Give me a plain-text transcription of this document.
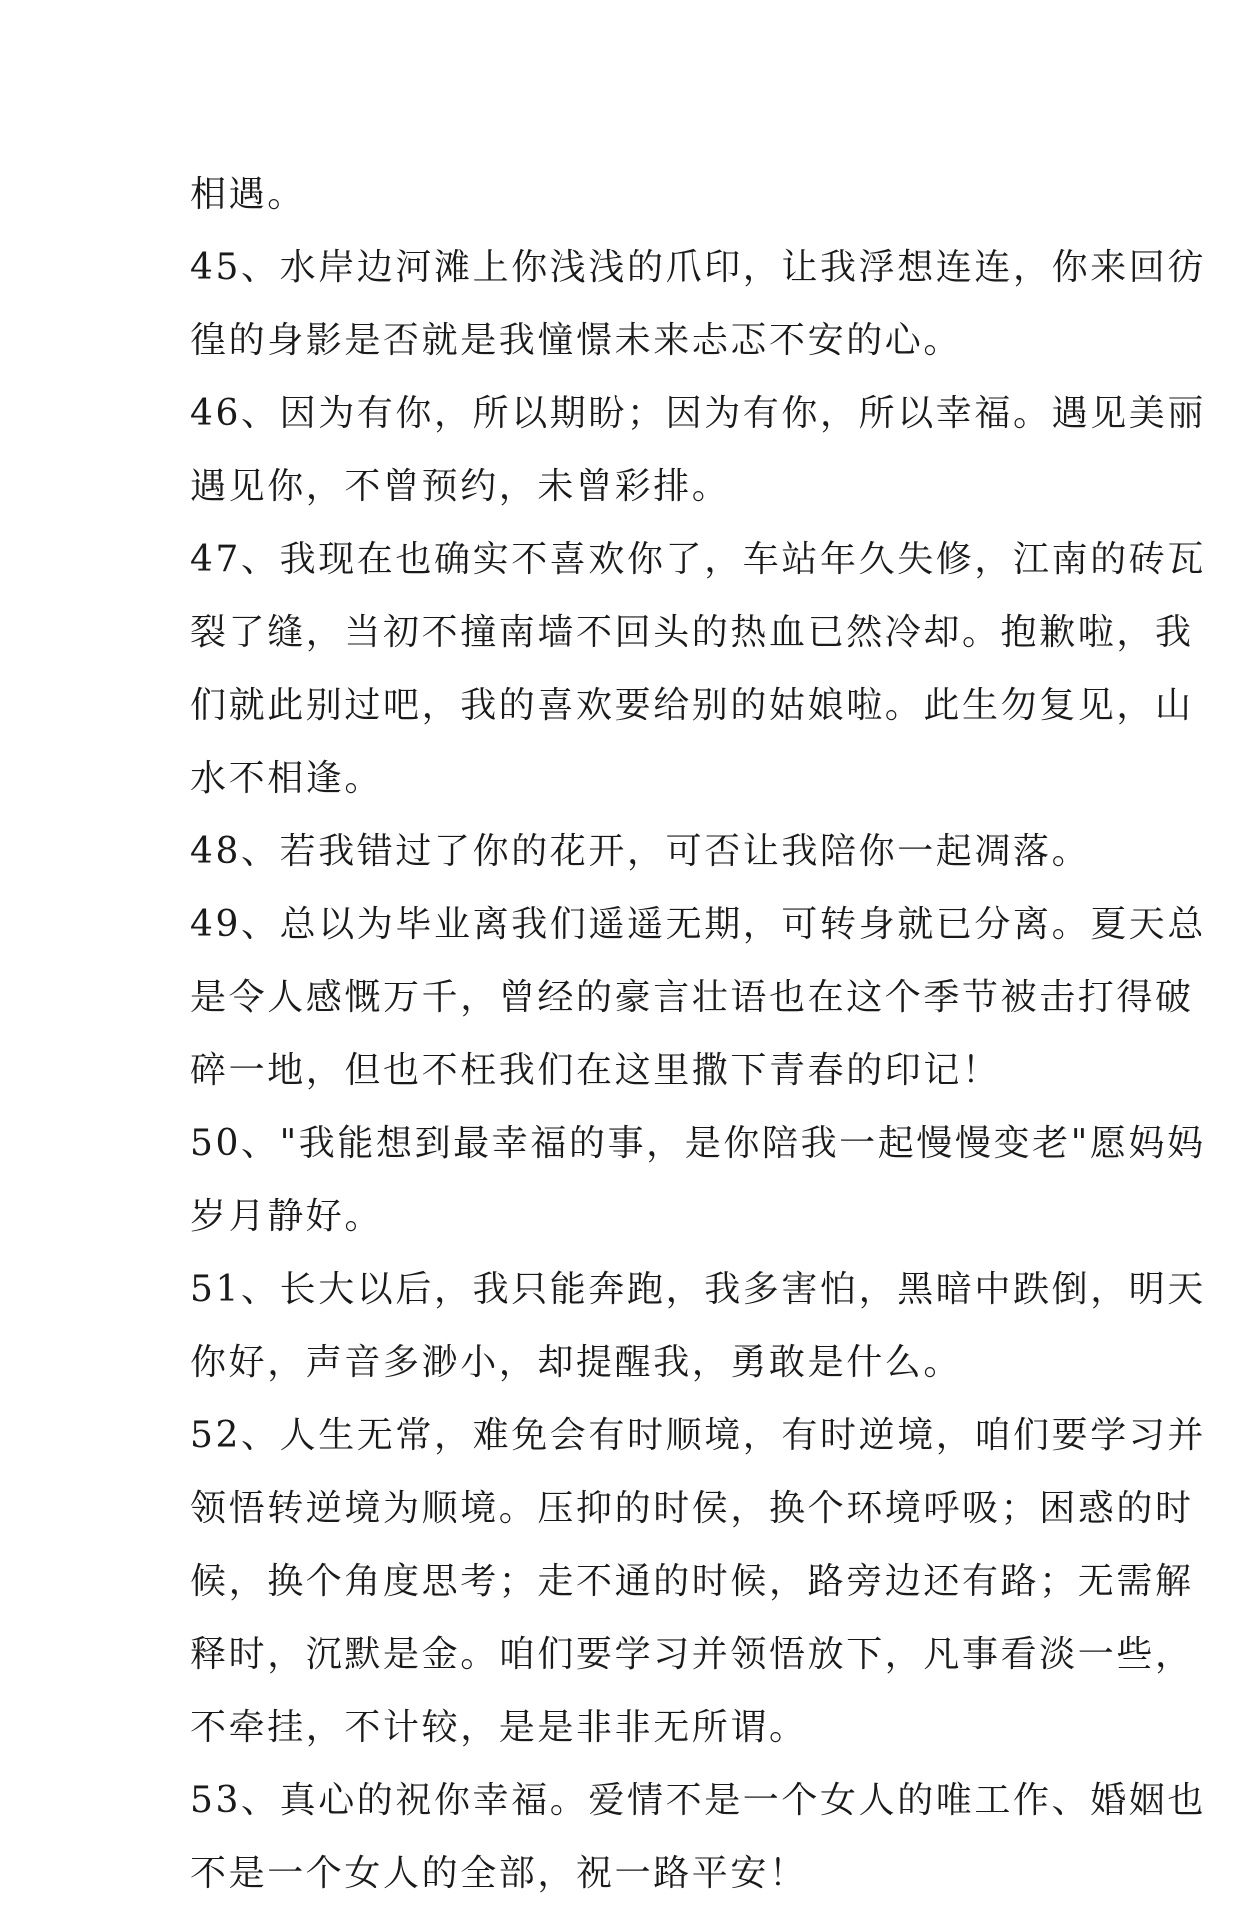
相遇。
45、水岸边河滩上你浅浅的爪印，让我浮想连连，你来回彷
徨的身影是否就是我憧憬未来忐忑不安的心。
46、因为有你，所以期盼；因为有你，所以幸福。遇见美丽
遇见你，不曾预约，未曾彩排。
47、我现在也确实不喜欢你了，车站年久失修，江南的砖瓦
裂了缝，当初不撞南墙不回头的热血已然冷却。抱歉啦，我
们就此别过吧，我的喜欢要给别的姑娘啦。此生勿复见，山
水不相逢。
48、若我错过了你的花开，可否让我陪你一起凋落。
49、总以为毕业离我们遥遥无期，可转身就已分离。夏天总
是令人感慨万千，曾经的豪言壮语也在这个季节被击打得破
碎一地，但也不枉我们在这里撒下青春的印记！
50、"我能想到最幸福的事，是你陪我一起慢慢变老"愿妈妈
岁月静好。
51、长大以后，我只能奔跑，我多害怕，黑暗中跌倒，明天
你好，声音多渺小，却提醒我，勇敢是什么。
52、人生无常，难免会有时顺境，有时逆境，咱们要学习并
领悟转逆境为顺境。压抑的时侯，换个环境呼吸；困惑的时
候，换个角度思考；走不通的时候，路旁边还有路；无需解
释时，沉默是金。咱们要学习并领悟放下，凡事看淡一些，
不牵挂，不计较，是是非非无所谓。
53、真心的祝你幸福。爱情不是一个女人的唯工作、婚姻也
不是一个女人的全部，祝一路平安！
